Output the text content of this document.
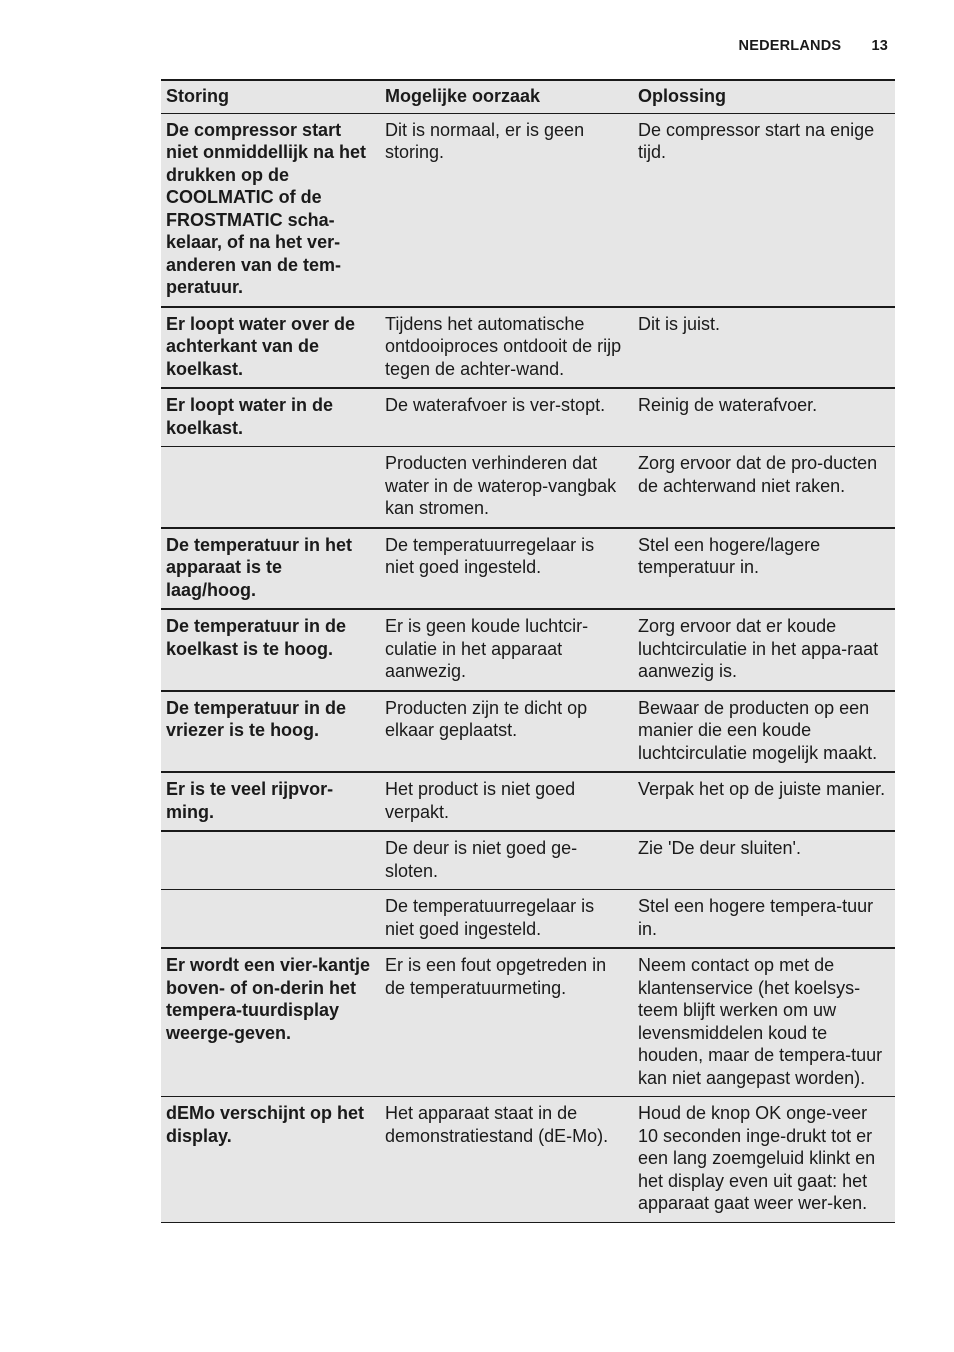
NEDERLANDS 13
Storing	Mogelijke oorzaak	Oplossing
De compressor start niet onmiddellijk na het drukken op de COOLMATIC of de FROSTMATIC scha-kelaar, of na het ver-anderen van de tem-peratuur.	Dit is normaal, er is geen storing.	De compressor start na enige tijd.
Er loopt water over de achterkant van de koelkast.	Tijdens het automatische ontdooiproces ontdooit de rijp tegen de achter-wand.	Dit is juist.
Er loopt water in de koelkast.	De waterafvoer is ver-stopt.	Reinig de waterafvoer.
	Producten verhinderen dat water in de waterop-vangbak kan stromen.	Zorg ervoor dat de pro-ducten de achterwand niet raken.
De temperatuur in het apparaat is te laag/hoog.	De temperatuurregelaar is niet goed ingesteld.	Stel een hogere/lagere temperatuur in.
De temperatuur in de koelkast is te hoog.	Er is geen koude luchtcir-culatie in het apparaat aanwezig.	Zorg ervoor dat er koude luchtcirculatie in het appa-raat aanwezig is.
De temperatuur in de vriezer is te hoog.	Producten zijn te dicht op elkaar geplaatst.	Bewaar de producten op een manier die een koude luchtcirculatie mogelijk maakt.
Er is te veel rijpvor-ming.	Het product is niet goed verpakt.	Verpak het op de juiste manier.
	De deur is niet goed ge-sloten.	Zie 'De deur sluiten'.
	De temperatuurregelaar is niet goed ingesteld.	Stel een hogere tempera-tuur in.
Er wordt een vier-kantje boven- of on-derin het tempera-tuurdisplay weerge-geven.	Er is een fout opgetreden in de temperatuurmeting.	Neem contact op met de klantenservice (het koelsys-teem blijft werken om uw levensmiddelen koud te houden, maar de tempera-tuur kan niet aangepast worden).
dEMo verschijnt op het display.	Het apparaat staat in de demonstratiestand (dE-Mo).	Houd de knop OK onge-veer 10 seconden inge-drukt tot er een lang zoemgeluid klinkt en het display even uit gaat: het apparaat gaat weer wer-ken.
